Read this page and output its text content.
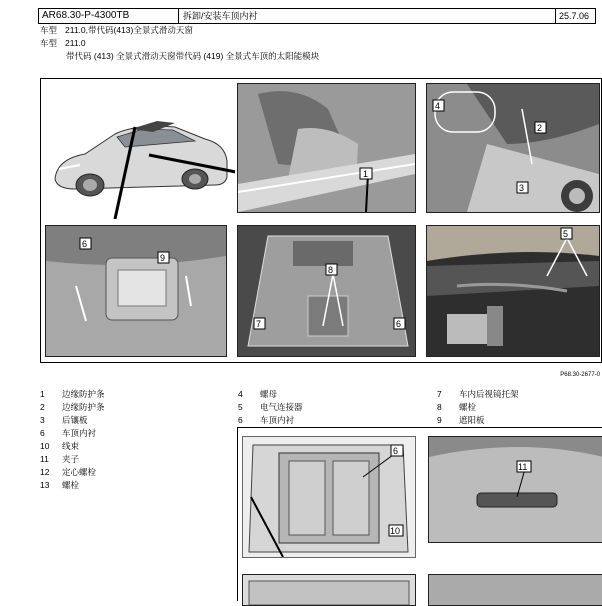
AR68.30-P-4300TB	拆卸/安装车顶内衬	25.7.06
车型 211.0,带代码(413)全景式滑动天窗
车型 211.0
带代码 (413) 全景式滑动天窗带代码 (419) 全景式车顶的太阳能模块
1
4
2
3
6
9
8
7	6
5
P68.30-2677-0
1	边缘防护条
2	边缘防护条
3	后镶板
6	车顶内衬
10	线束
11	夹子
12	定心螺栓
13	螺栓
4	螺母
5	电气连接器
6	车顶内衬
7	车内后视镜托架
8	螺栓
9	遮阳板
6
10
11
